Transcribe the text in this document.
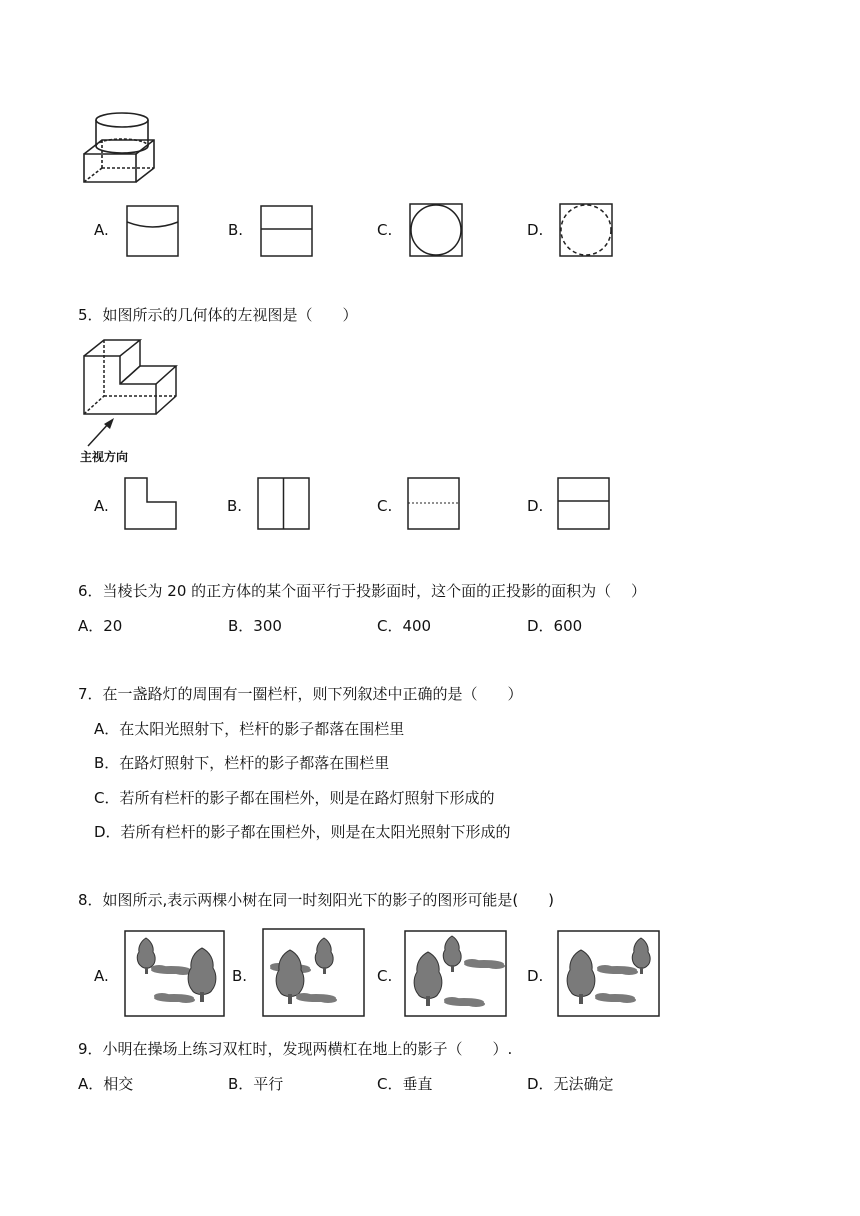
A.	B.	C.	D.
5．如图所示的几何体的左视图是（　　）
主视方向
A.	B.	C.	D.
6．当棱长为 20 的正方体的某个面平行于投影面时，这个面的正投影的面积为（　 ）
A．20	B．300	C．400	D．600
7．在一盏路灯的周围有一圈栏杆，则下列叙述中正确的是（　　）
A．在太阳光照射下，栏杆的影子都落在围栏里
B．在路灯照射下，栏杆的影子都落在围栏里
C．若所有栏杆的影子都在围栏外，则是在路灯照射下形成的
D．若所有栏杆的影子都在围栏外，则是在太阳光照射下形成的
8．如图所示,表示两棵小树在同一时刻阳光下的影子的图形可能是(　　)
A.	B.	C.	D.
9．小明在操场上练习双杠时，发现两横杠在地上的影子（　　）.
A．相交	B．平行	C．垂直	D．无法确定
